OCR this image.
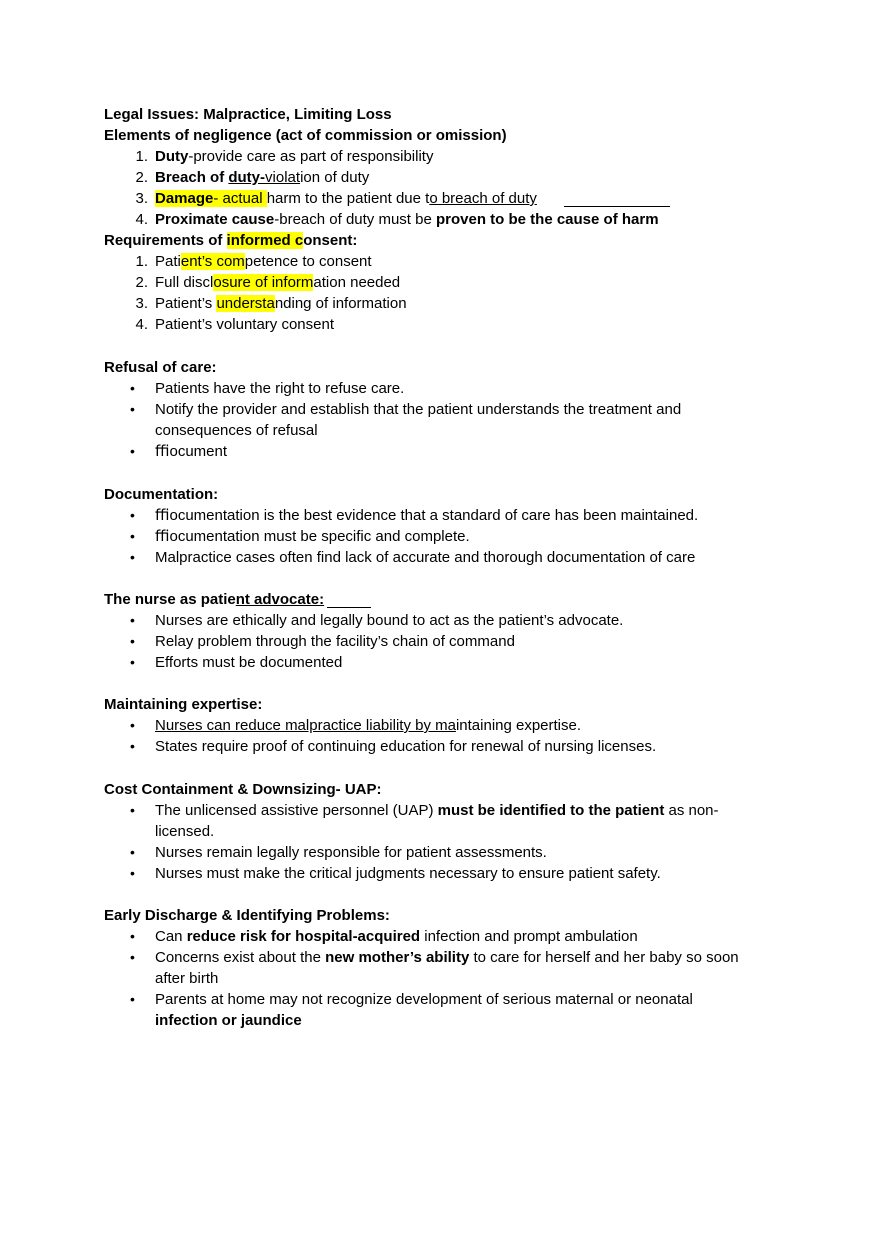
Legal Issues: Malpractice, Limiting Loss
Elements of negligence (act of commission or omission)
1. Duty-provide care as part of responsibility
2. Breach of duty-violation of duty
3. Damage- actual harm to the patient due to breach of duty
4. Proximate cause-breach of duty must be proven to be the cause of harm
Requirements of informed consent:
1. Patient’s competence to consent
2. Full disclosure of information needed
3. Patient’s understanding of information
4. Patient’s voluntary consent
Refusal of care:
• Patients have the right to refuse care.
• Notify the provider and establish that the patient understands the treatment and
consequences of refusal
• ﬃocument
Documentation:
• ﬃocumentation is the best evidence that a standard of care has been maintained.
• ﬃocumentation must be specific and complete.
• Malpractice cases often find lack of accurate and thorough documentation of care
The nurse as patient advocate:
• Nurses are ethically and legally bound to act as the patient’s advocate.
• Relay problem through the facility’s chain of command
• Efforts must be documented
Maintaining expertise:
• Nurses can reduce malpractice liability by maintaining expertise.
• States require proof of continuing education for renewal of nursing licenses.
Cost Containment & Downsizing- UAP:
• The unlicensed assistive personnel (UAP) must be identified to the patient as non-
licensed.
• Nurses remain legally responsible for patient assessments.
• Nurses must make the critical judgments necessary to ensure patient safety.
Early Discharge & Identifying Problems:
• Can reduce risk for hospital-acquired infection and prompt ambulation
• Concerns exist about the new mother’s ability to care for herself and her baby so soon
after birth
• Parents at home may not recognize development of serious maternal or neonatal
infection or jaundice
